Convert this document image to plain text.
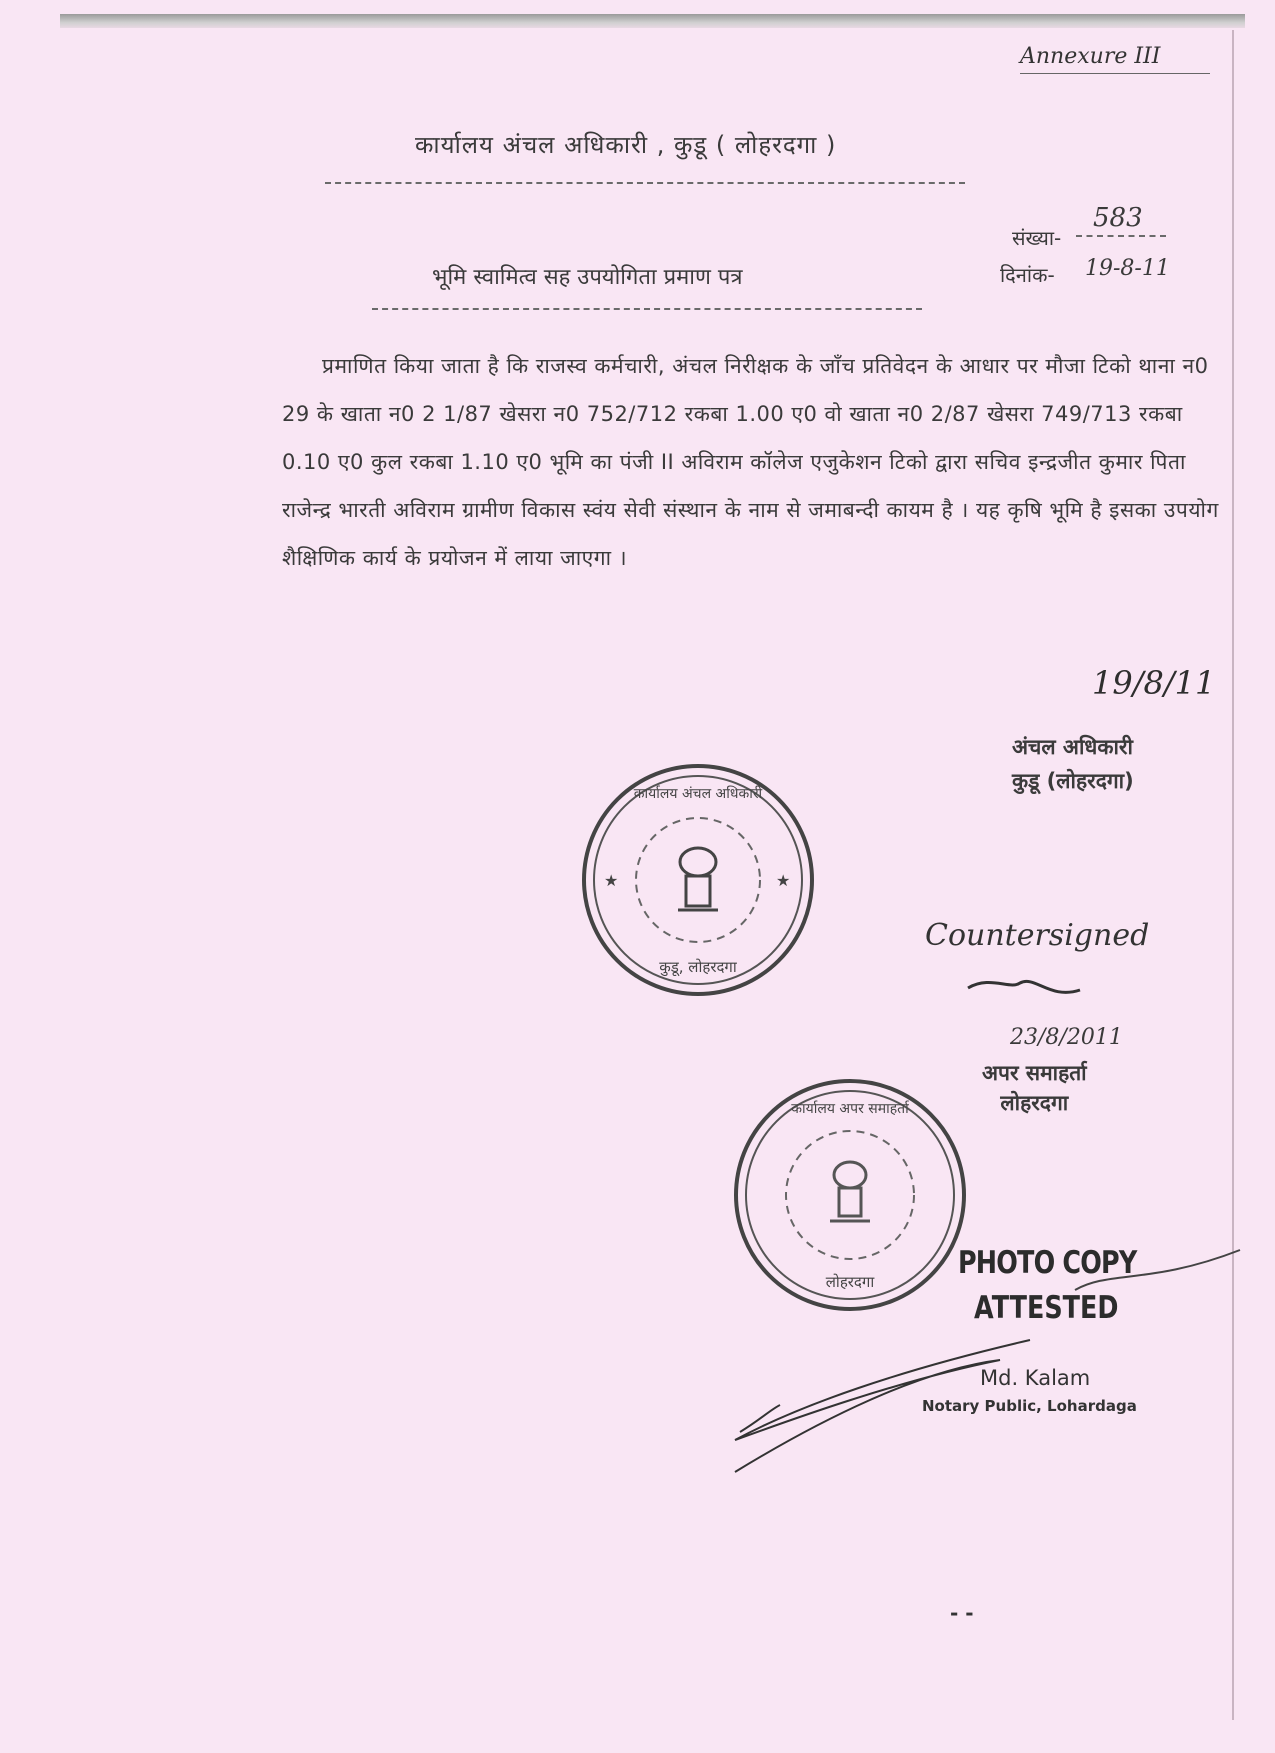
Annexure III
कार्यालय अंचल अधिकारी , कुडू ( लोहरदगा )
583
संख्या-
भूमि स्वामित्व सह उपयोगिता प्रमाण पत्र	दिनांक- 19-8-11
प्रमाणित किया जाता है कि राजस्व कर्मचारी, अंचल निरीक्षक के जाँच प्रतिवेदन के आधार पर मौजा टिको थाना न0 29 के खाता न0 2 1/87 खेसरा न0 752/712 रकबा 1.00 ए0 वो खाता न0 2/87 खेसरा 749/713 रकबा 0.10 ए0 कुल रकबा 1.10 ए0 भूमि का पंजी II अविराम कॉलेज एजुकेशन टिको द्वारा सचिव इन्द्रजीत कुमार पिता राजेन्द्र भारती अविराम ग्रामीण विकास स्वंय सेवी संस्थान के नाम से जमाबन्दी कायम है । यह कृषि भूमि है इसका उपयोग शैक्षिणिक कार्य के प्रयोजन में लाया जाएगा ।
19/8/11
अंचल अधिकारी
कुडू (लोहरदगा)
★	★
कार्यालय अंचल अधिकारी
कुडू, लोहरदगा
Countersigned
23/8/2011
अपर समाहर्ता
लोहरदगा
कार्यालय अपर समाहर्ता
लोहरदगा
PHOTO COPY
ATTESTED
Md. Kalam
Notary Public, Lohardaga
- -
